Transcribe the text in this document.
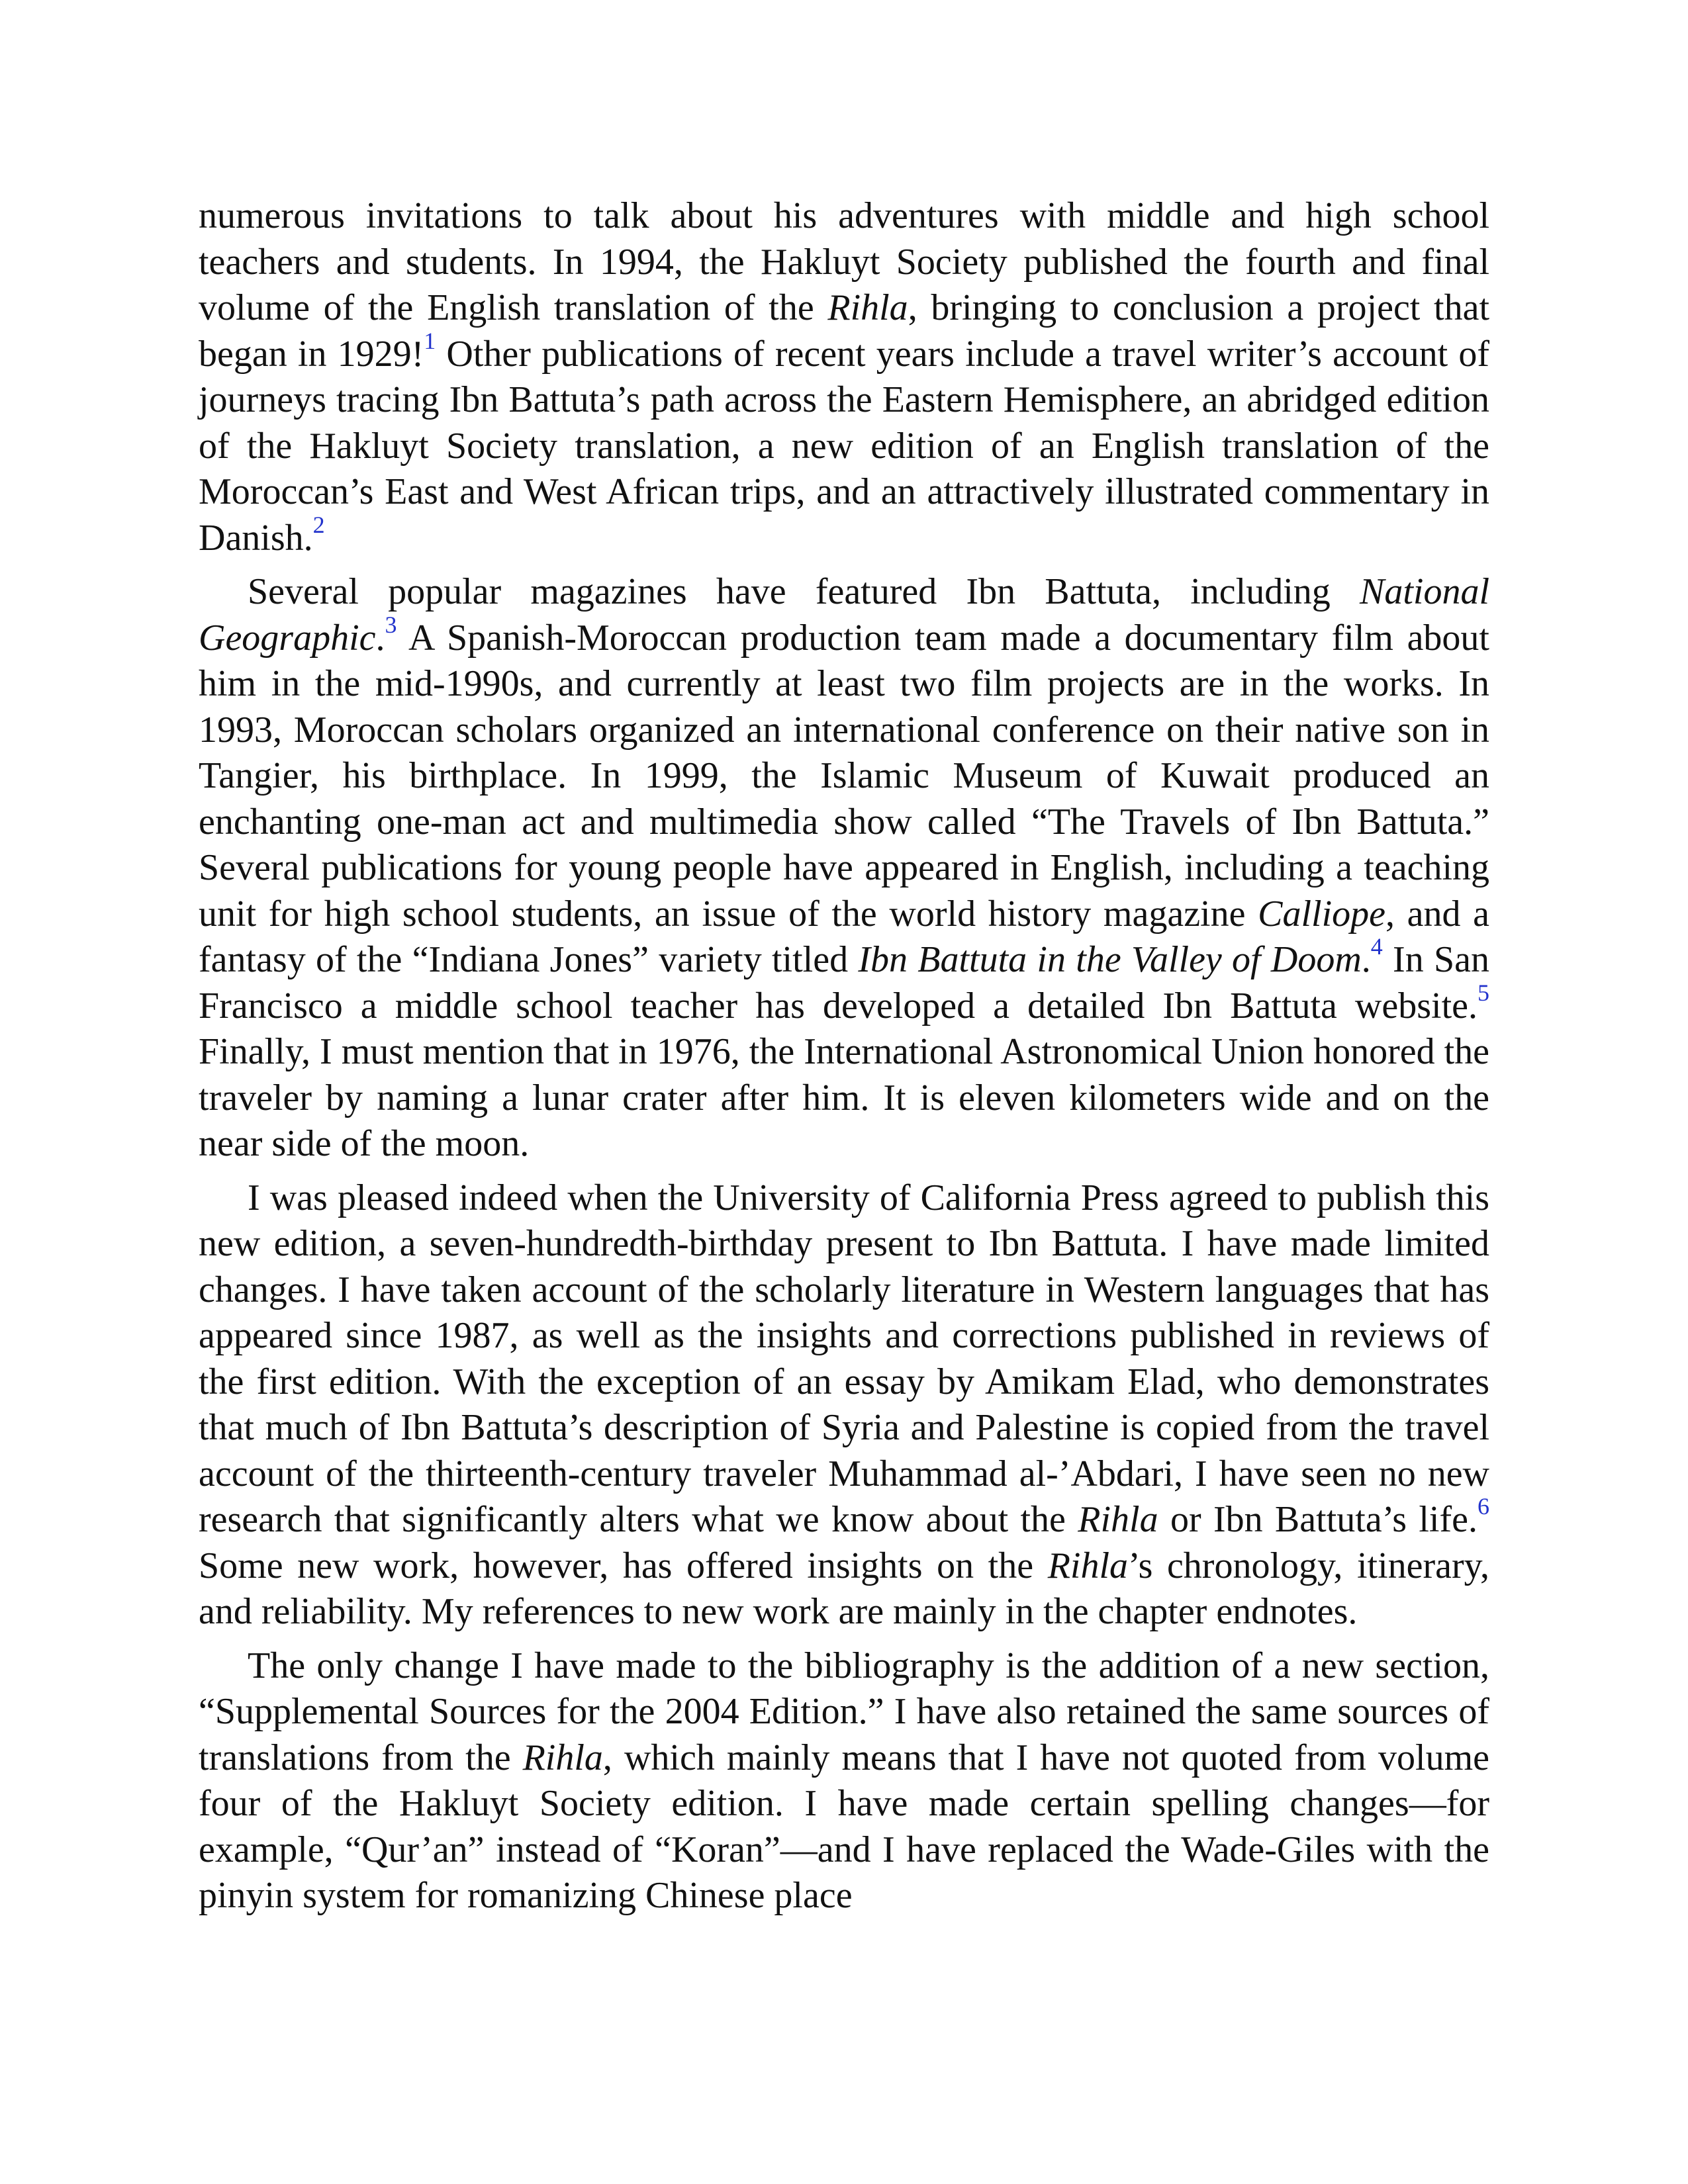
numerous invitations to talk about his adventures with middle and high school teachers and students. In 1994, the Hakluyt Society published the fourth and final volume of the English translation of the Rihla, bringing to conclusion a project that began in 1929!$^1$ Other publications of recent years include a travel writer’s account of journeys tracing Ibn Battuta’s path across the Eastern Hemisphere, an abridged edition of the Hakluyt Society translation, a new edition of an English translation of the Moroccan’s East and West African trips, and an attractively illustrated commentary in Danish.$^2$

Several popular magazines have featured Ibn Battuta, including National Geographic.$^3$ A Spanish-Moroccan production team made a documentary film about him in the mid-1990s, and currently at least two film projects are in the works. In 1993, Moroccan scholars organized an international conference on their native son in Tangier, his birthplace. In 1999, the Islamic Museum of Kuwait produced an enchanting one-man act and multimedia show called “The Travels of Ibn Battuta.” Several publications for young people have appeared in English, including a teaching unit for high school students, an issue of the world history magazine Calliope, and a fantasy of the “Indiana Jones” variety titled Ibn Battuta in the Valley of Doom.$^4$ In San Francisco a middle school teacher has developed a detailed Ibn Battuta website.$^5$ Finally, I must mention that in 1976, the International Astronomical Union honored the traveler by naming a lunar crater after him. It is eleven kilometers wide and on the near side of the moon.

I was pleased indeed when the University of California Press agreed to publish this new edition, a seven-hundredth-birthday present to Ibn Battuta. I have made limited changes. I have taken account of the scholarly literature in Western languages that has appeared since 1987, as well as the insights and corrections published in reviews of the first edition. With the exception of an essay by Amikam Elad, who demonstrates that much of Ibn Battuta’s description of Syria and Palestine is copied from the travel account of the thirteenth-century traveler Muhammad al-’Abdari, I have seen no new research that significantly alters what we know about the Rihla or Ibn Battuta’s life.$^6$ Some new work, however, has offered insights on the Rihla’s chronology, itinerary, and reliability. My references to new work are mainly in the chapter endnotes.

The only change I have made to the bibliography is the addition of a new section, “Supplemental Sources for the 2004 Edition.” I have also retained the same sources of translations from the Rihla, which mainly means that I have not quoted from volume four of the Hakluyt Society edition. I have made certain spelling changes—for example, “Qur’an” instead of “Koran”—and I have replaced the Wade-Giles with the pinyin system for romanizing Chinese place
